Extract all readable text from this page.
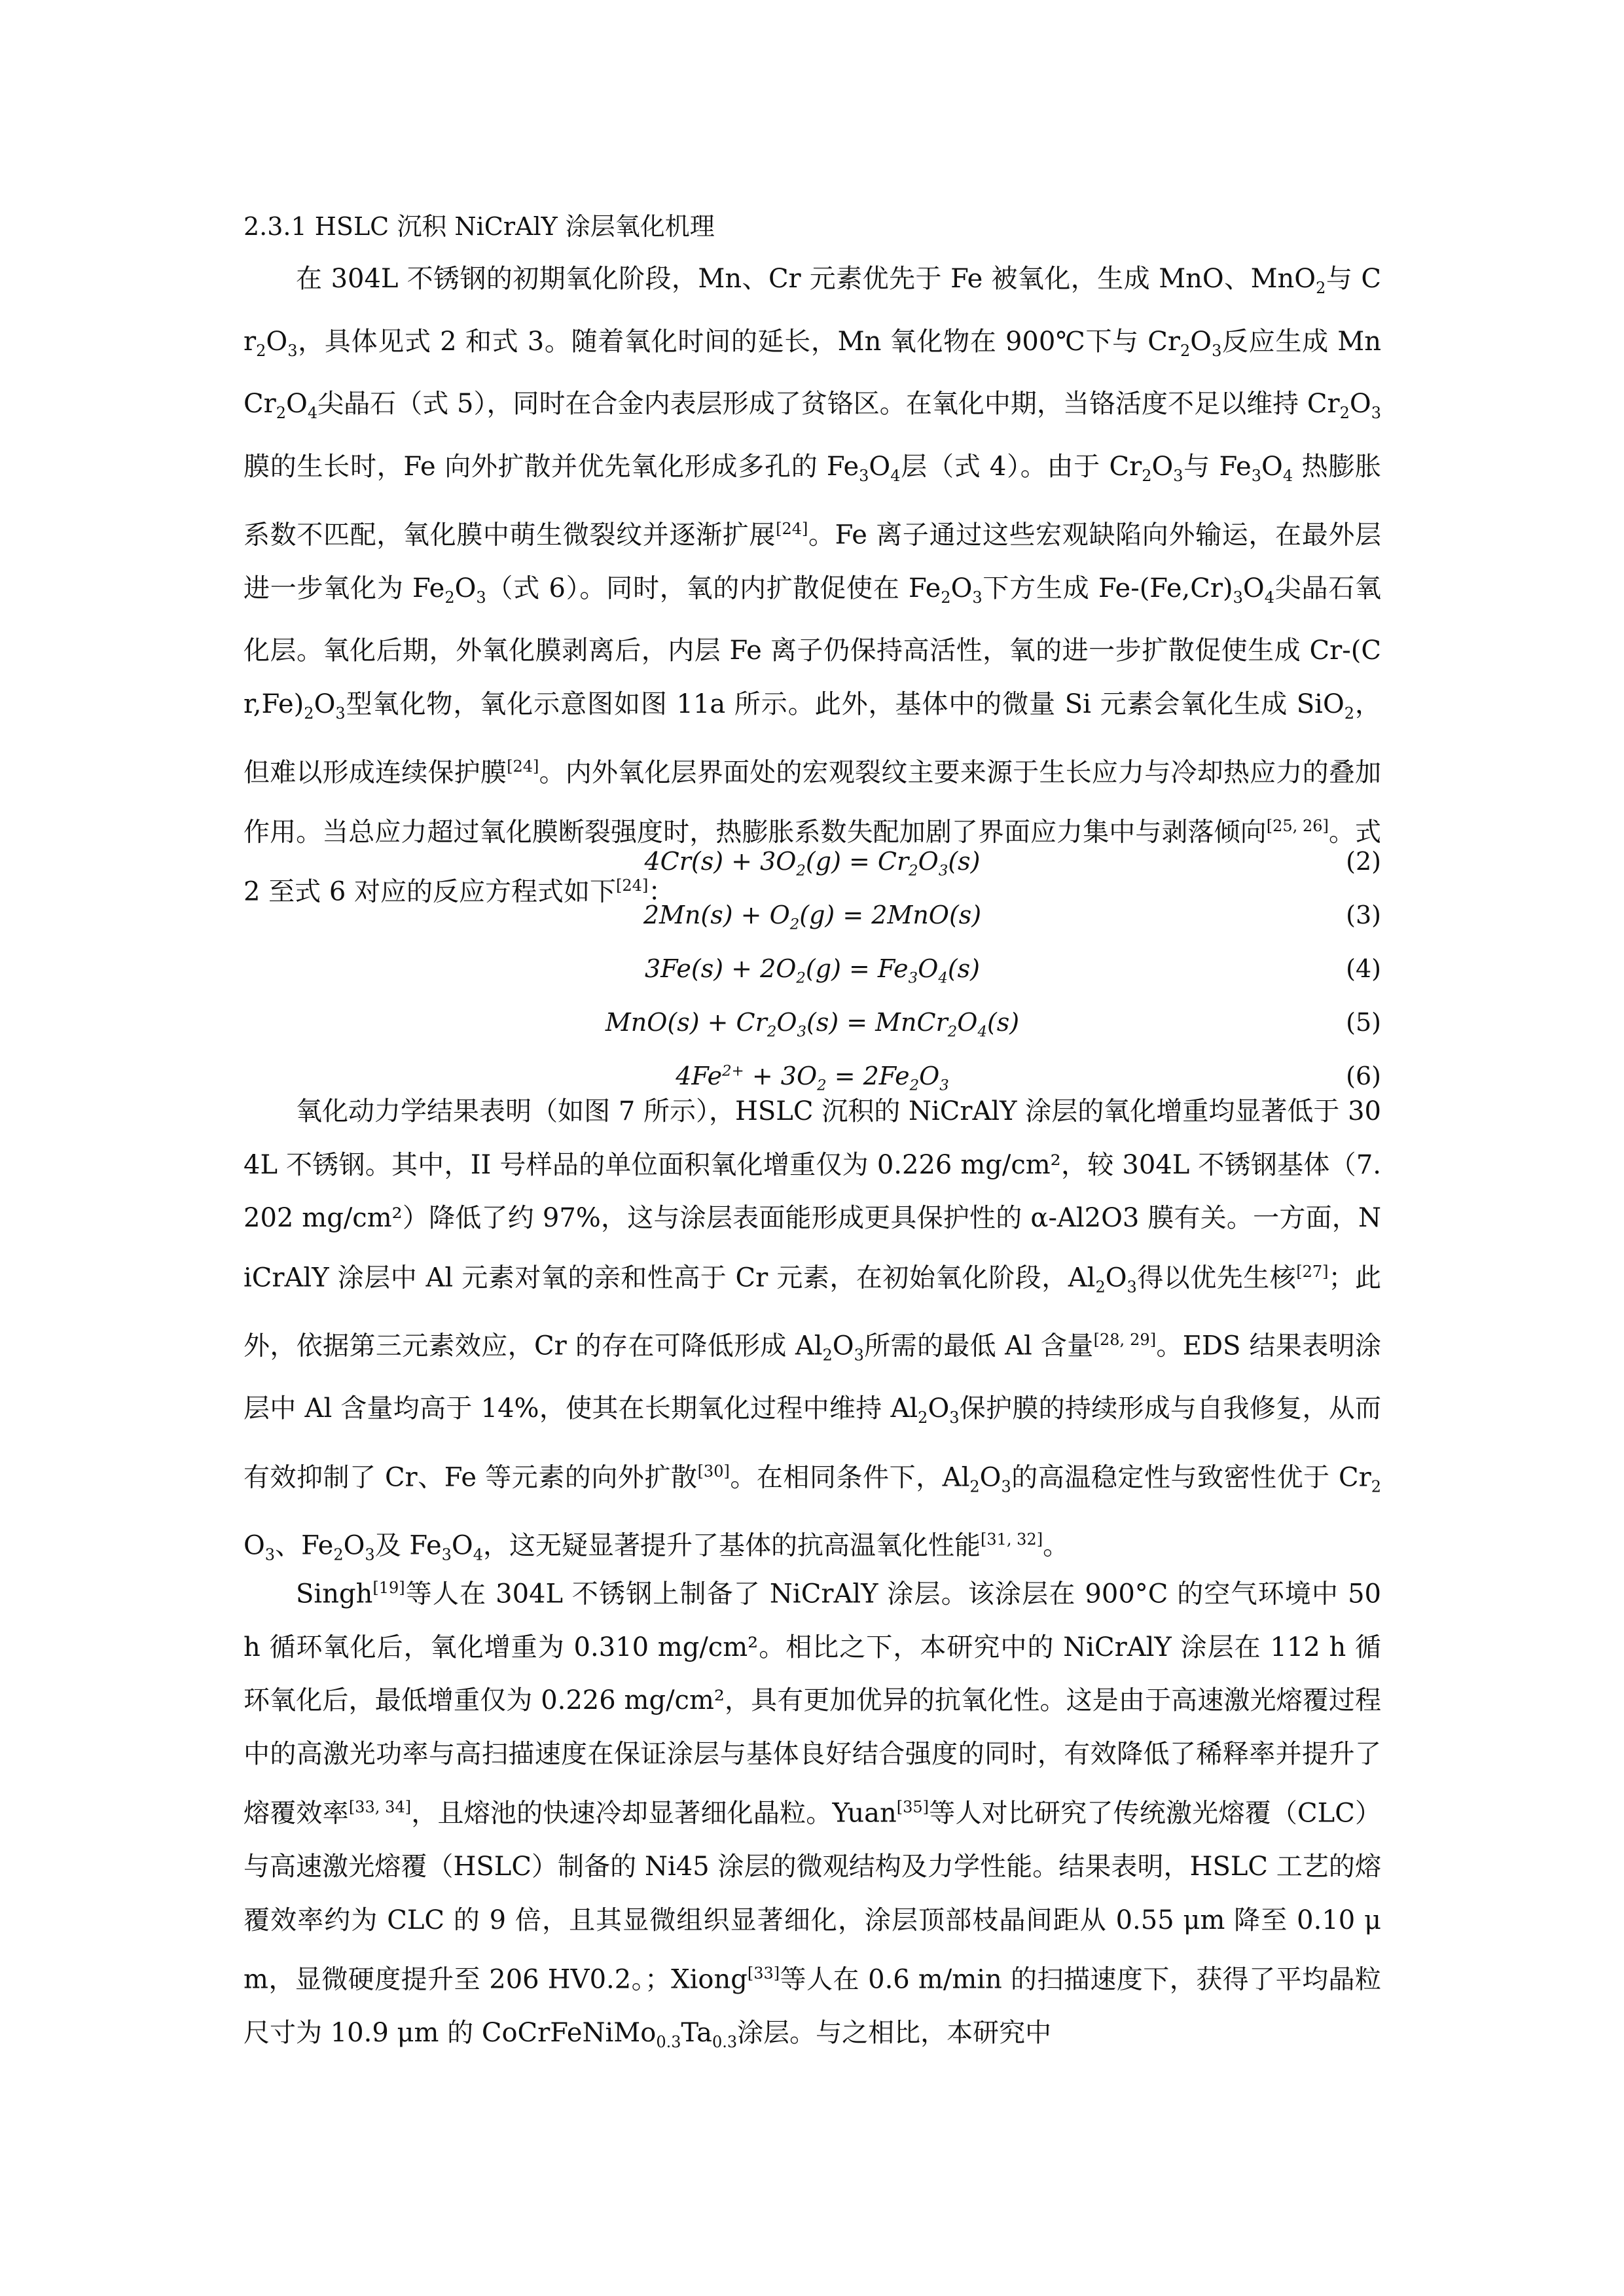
2.3.1 HSLC 沉积 NiCrAlY 涂层氧化机理

在 304L 不锈钢的初期氧化阶段，Mn、Cr 元素优先于 Fe 被氧化，生成 MnO、MnO$_2$与 $Cr_2O_3$，具体见式 2 和式 3。随着氧化时间的延长，Mn 氧化物在 900℃下与 $Cr_2O_3$反应生成 $MnCr_2O_4$尖晶石（式 5），同时在合金内表层形成了贫铬区。在氧化中期，当铬活度不足以维持 $Cr_2O_3$膜的生长时，Fe 向外扩散并优先氧化形成多孔的 $Fe_3O_4$层（式 4）。由于 $Cr_2O_3$与 $Fe_3O_4$ 热膨胀系数不匹配，氧化膜中萌生微裂纹并逐渐扩展[24]。Fe 离子通过这些宏观缺陷向外输运，在最外层进一步氧化为 $Fe_2O_3$（式 6）。同时，氧的内扩散促使在 $Fe_2O_3$下方生成 $Fe-(Fe,Cr)_3O_4$尖晶石氧化层。氧化后期，外氧化膜剥离后，内层 Fe 离子仍保持高活性，氧的进一步扩散促使生成 $Cr-(Cr,Fe)_2O_3$型氧化物，氧化示意图如图 11a 所示。此外，基体中的微量 Si 元素会氧化生成 SiO$_2$，但难以形成连续保护膜[24]。内外氧化层界面处的宏观裂纹主要来源于生长应力与冷却热应力的叠加作用。当总应力超过氧化膜断裂强度时，热膨胀系数失配加剧了界面应力集中与剥落倾向[25, 26]。式 2 至式 6 对应的反应方程式如下[24]：

$4Cr(s) + 3O_2(g) = Cr_2O_3(s)$	(2)
$2Mn(s) + O_2(g) = 2MnO(s)$	(3)
$3Fe(s) + 2O_2(g) = Fe_3O_4(s)$	(4)
$MnO(s) + Cr_2O_3(s)$ = $MnCr_2O_4(s)$	(5)
$4Fe^{2+} + 3O_2 = 2Fe_2O_3$	(6)

氧化动力学结果表明（如图 7 所示），HSLC 沉积的 NiCrAlY 涂层的氧化增重均显著低于 304L 不锈钢。其中，II 号样品的单位面积氧化增重仅为 0.226 mg/cm²，较 304L 不锈钢基体（7.202 mg/cm²）降低了约 97%，这与涂层表面能形成更具保护性的 α-Al2O3 膜有关。一方面，NiCrAlY 涂层中 Al 元素对氧的亲和性高于 Cr 元素，在初始氧化阶段，$Al_2O_3$得以优先生核[27]；此外，依据第三元素效应，Cr 的存在可降低形成 $Al_2O_3$所需的最低 Al 含量[28, 29]。EDS 结果表明涂层中 Al 含量均高于 14%，使其在长期氧化过程中维持 $Al_2O_3$保护膜的持续形成与自我修复，从而有效抑制了 Cr、Fe 等元素的向外扩散[30]。在相同条件下，$Al_2O_3$的高温稳定性与致密性优于 $Cr_2O_3$、$Fe_2O_3$及 $Fe_3O_4$，这无疑显著提升了基体的抗高温氧化性能[31, 32]。

Singh[19]等人在 304L 不锈钢上制备了 NiCrAlY 涂层。该涂层在 900°C 的空气环境中 50 h 循环氧化后，氧化增重为 0.310 mg/cm²。相比之下，本研究中的 NiCrAlY 涂层在 112 h 循环氧化后，最低增重仅为 0.226 mg/cm²，具有更加优异的抗氧化性。这是由于高速激光熔覆过程中的高激光功率与高扫描速度在保证涂层与基体良好结合强度的同时，有效降低了稀释率并提升了熔覆效率[33, 34]，且熔池的快速冷却显著细化晶粒。Yuan[35]等人对比研究了传统激光熔覆（CLC）与高速激光熔覆（HSLC）制备的 Ni45 涂层的微观结构及力学性能。结果表明，HSLC 工艺的熔覆效率约为 CLC 的 9 倍，且其显微组织显著细化，涂层顶部枝晶间距从 0.55 μm 降至 0.10 μm，显微硬度提升至 206 HV0.2。；Xiong[33]等人在 0.6 m/min 的扫描速度下，获得了平均晶粒尺寸为 10.9 μm 的 $CoCrFeNiMo_{0.3}Ta_{0.3}$涂层。与之相比，本研究中
